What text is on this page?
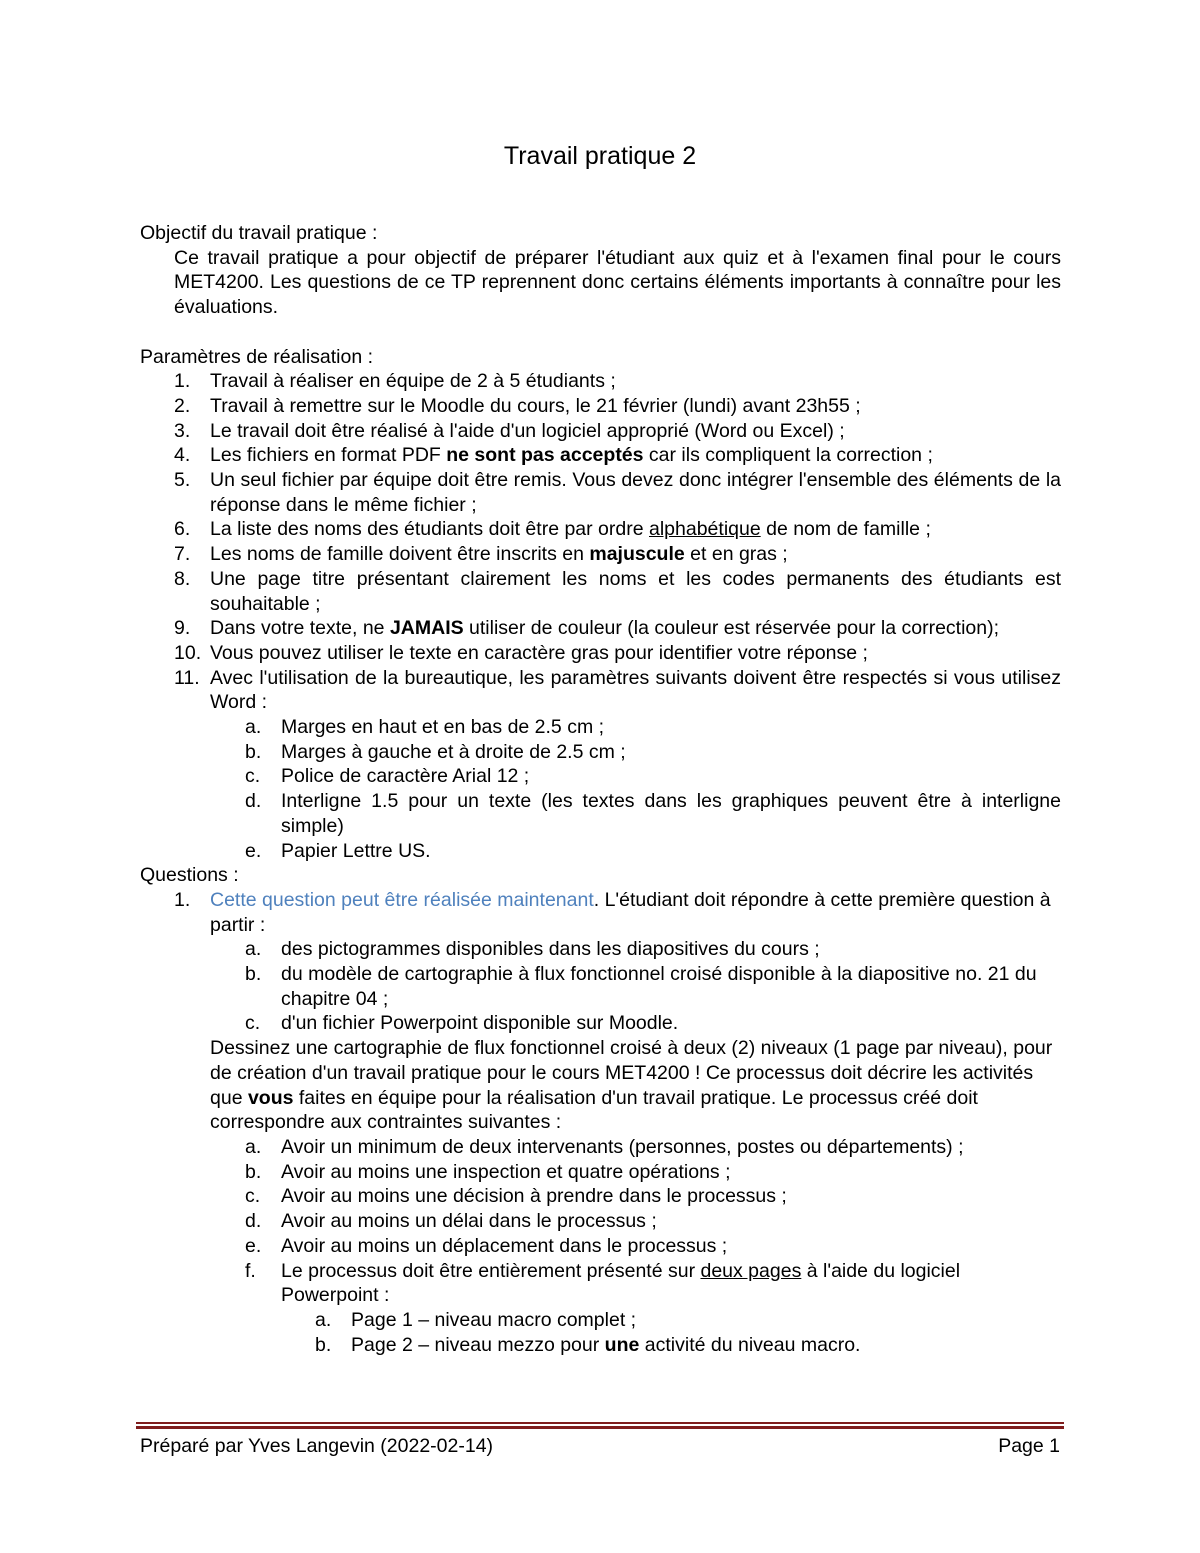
Travail pratique 2
Objectif du travail pratique :
Ce travail pratique a pour objectif de préparer l'étudiant aux quiz et à l'examen final pour le cours MET4200. Les questions de ce TP reprennent donc certains éléments importants à connaître pour les évaluations.
Paramètres de réalisation :
1. Travail à réaliser en équipe de 2 à 5 étudiants ;
2. Travail à remettre sur le Moodle du cours, le 21 février (lundi) avant 23h55 ;
3. Le travail doit être réalisé à l'aide d'un logiciel approprié (Word ou Excel) ;
4. Les fichiers en format PDF ne sont pas acceptés car ils compliquent la correction ;
5. Un seul fichier par équipe doit être remis. Vous devez donc intégrer l'ensemble des éléments de la réponse dans le même fichier ;
6. La liste des noms des étudiants doit être par ordre alphabétique de nom de famille ;
7. Les noms de famille doivent être inscrits en majuscule et en gras ;
8. Une page titre présentant clairement les noms et les codes permanents des étudiants est souhaitable ;
9. Dans votre texte, ne JAMAIS utiliser de couleur (la couleur est réservée pour la correction);
10. Vous pouvez utiliser le texte en caractère gras pour identifier votre réponse ;
11. Avec l'utilisation de la bureautique, les paramètres suivants doivent être respectés si vous utilisez Word :
a. Marges en haut et en bas de 2.5 cm ;
b. Marges à gauche et à droite de 2.5 cm ;
c. Police de caractère Arial 12 ;
d. Interligne 1.5 pour un texte (les textes dans les graphiques peuvent être à interligne simple)
e. Papier Lettre US.
Questions :
1. Cette question peut être réalisée maintenant. L'étudiant doit répondre à cette première question à partir :
a. des pictogrammes disponibles dans les diapositives du cours ;
b. du modèle de cartographie à flux fonctionnel croisé disponible à la diapositive no. 21 du chapitre 04 ;
c. d'un fichier Powerpoint disponible sur Moodle.
Dessinez une cartographie de flux fonctionnel croisé à deux (2) niveaux (1 page par niveau), pour de création d'un travail pratique pour le cours MET4200 ! Ce processus doit décrire les activités que vous faites en équipe pour la réalisation d'un travail pratique. Le processus créé doit correspondre aux contraintes suivantes :
a. Avoir un minimum de deux intervenants (personnes, postes ou départements) ;
b. Avoir au moins une inspection et quatre opérations ;
c. Avoir au moins une décision à prendre dans le processus ;
d. Avoir au moins un délai dans le processus ;
e. Avoir au moins un déplacement dans le processus ;
f. Le processus doit être entièrement présenté sur deux pages à l'aide du logiciel Powerpoint :
a. Page 1 – niveau macro complet ;
b. Page 2 – niveau mezzo pour une activité du niveau macro.
Préparé par Yves Langevin (2022-02-14)	Page 1
